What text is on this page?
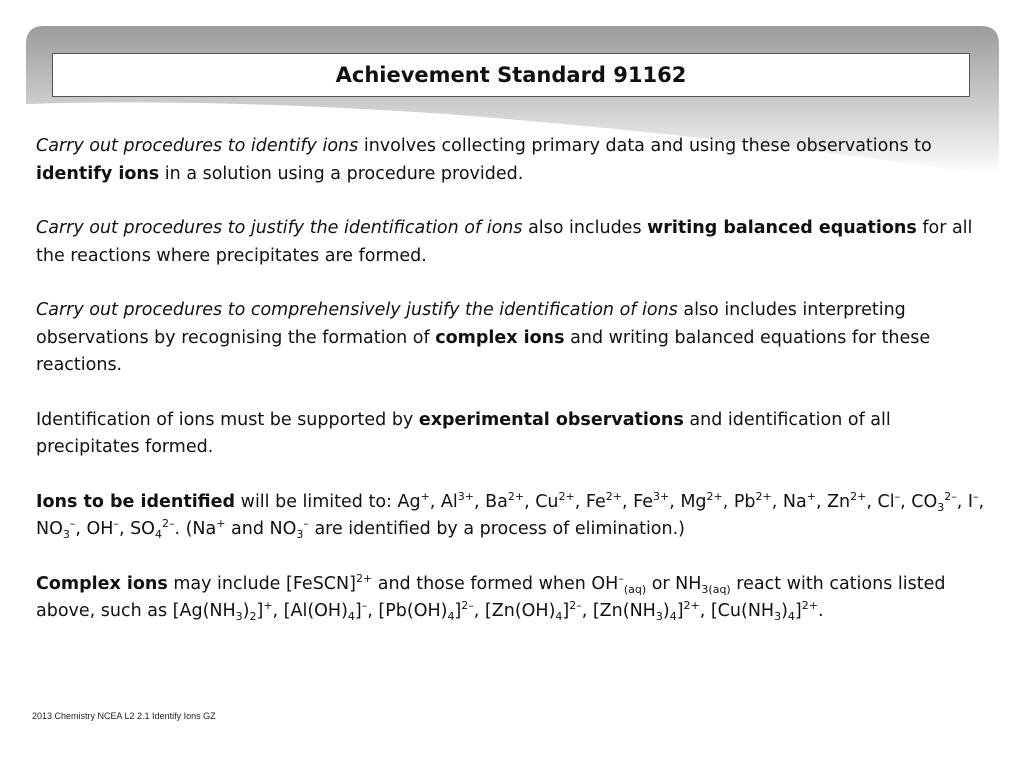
Achievement Standard 91162

Carry out procedures to identify ions involves collecting primary data and using these observations to identify ions in a solution using a procedure provided.

Carry out procedures to justify the identification of ions also includes writing balanced equations for all the reactions where precipitates are formed.

Carry out procedures to comprehensively justify the identification of ions also includes interpreting observations by recognising the formation of complex ions and writing balanced equations for these reactions.

Identification of ions must be supported by experimental observations and identification of all precipitates formed.

Ions to be identified will be limited to: Ag+, $Al^{3+}$, $Ba^{2+}$, $Cu^{2+}$, $Fe^{2+}$, $Fe^{3+}$, $Mg^{2+}$, $Pb^{2+}$, Na+, $Zn^{2+}$, Cl–, $CO_3^{2-}$, I–, $NO_3^-$, OH–, $SO_4^{2-}$. (Na+ and $NO_3^-$ are identified by a process of elimination.)

Complex ions may include [FeSCN]$^{2+}$ and those formed when $OH^-_{(aq)}$ or $NH_{3(aq)}$ react with cations listed above, such as $[Ag(NH_3)_2]^+$, $[Al(OH)_4]^-$, $[Pb(OH)_4]^{2-}$, $[Zn(OH)_4]^{2-}$, $[Zn(NH_3)_4]^{2+}$, $[Cu(NH_3)_4]^{2+}$.

2013 Chemistry NCEA L2 2.1 Identify Ions GZ
